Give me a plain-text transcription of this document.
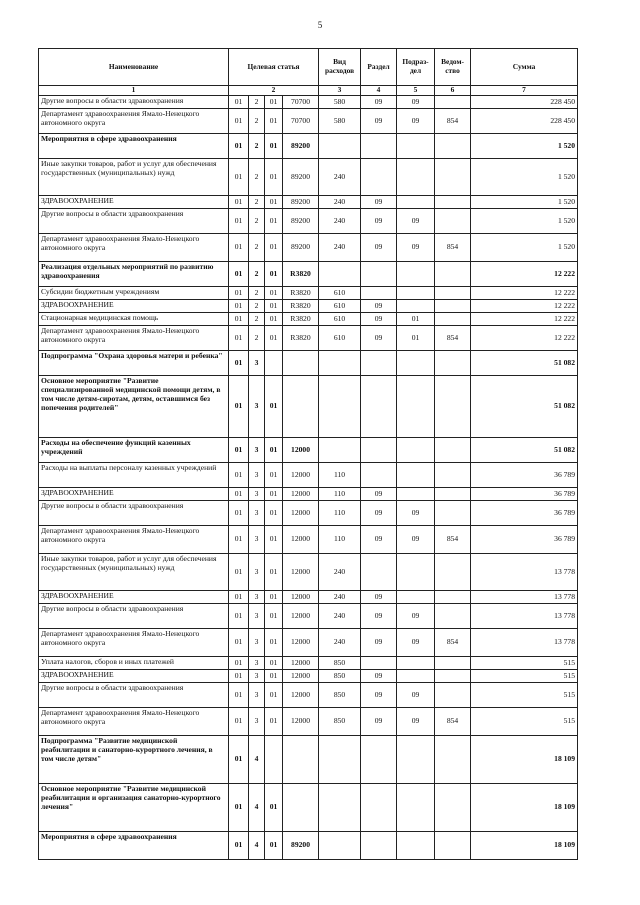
5
Наименование	Целевая статья				Вид расходов	Раздел	Подраз- дел	Ведом- ство	Сумма
1	2				3	4	5	6	7
Другие вопросы в области здравоохранения	01	2	01	70700	580	09	09		228 450
Департамент здравоохранения Ямало-Ненецкого автономного округа	01	2	01	70700	580	09	09	854	228 450
Мероприятия в сфере здравоохранения	01	2	01	89200					1 520
Иные закупки товаров, работ и услуг для обеспечения государственных (муниципальных) нужд	01	2	01	89200	240				1 520
ЗДРАВООХРАНЕНИЕ	01	2	01	89200	240	09			1 520
Другие вопросы в области здравоохранения	01	2	01	89200	240	09	09		1 520
Департамент здравоохранения Ямало-Ненецкого автономного округа	01	2	01	89200	240	09	09	854	1 520
Реализация отдельных мероприятий по развитию здравоохранения	01	2	01	R3820					12 222
Субсидии бюджетным учреждениям	01	2	01	R3820	610				12 222
ЗДРАВООХРАНЕНИЕ	01	2	01	R3820	610	09			12 222
Стационарная медицинская помощь	01	2	01	R3820	610	09	01		12 222
Департамент здравоохранения Ямало-Ненецкого автономного округа	01	2	01	R3820	610	09	01	854	12 222
Подпрограмма "Охрана здоровья матери и ребенка"	01	3							51 082
Основное мероприятие "Развитие специализированной медицинской помощи детям, в том числе детям-сиротам, детям, оставшимся без попечения родителей"	01	3	01						51 082
Расходы на обеспечение функций казенных учреждений	01	3	01	12000					51 082
Расходы на выплаты персоналу казенных учреждений	01	3	01	12000	110				36 789
ЗДРАВООХРАНЕНИЕ	01	3	01	12000	110	09			36 789
Другие вопросы в области здравоохранения	01	3	01	12000	110	09	09		36 789
Департамент здравоохранения Ямало-Ненецкого автономного округа	01	3	01	12000	110	09	09	854	36 789
Иные закупки товаров, работ и услуг для обеспечения государственных (муниципальных) нужд	01	3	01	12000	240				13 778
ЗДРАВООХРАНЕНИЕ	01	3	01	12000	240	09			13 778
Другие вопросы в области здравоохранения	01	3	01	12000	240	09	09		13 778
Департамент здравоохранения Ямало-Ненецкого автономного округа	01	3	01	12000	240	09	09	854	13 778
Уплата налогов, сборов и иных платежей	01	3	01	12000	850				515
ЗДРАВООХРАНЕНИЕ	01	3	01	12000	850	09			515
Другие вопросы в области здравоохранения	01	3	01	12000	850	09	09		515
Департамент здравоохранения Ямало-Ненецкого автономного округа	01	3	01	12000	850	09	09	854	515
Подпрограмма "Развитие медицинской реабилитации и санаторно-курортного лечения, в том числе детям"	01	4							18 109
Основное мероприятие "Развитие медицинской реабилитации и организация санаторно-курортного лечения"	01	4	01						18 109
Мероприятия в сфере здравоохранения	01	4	01	89200					18 109
